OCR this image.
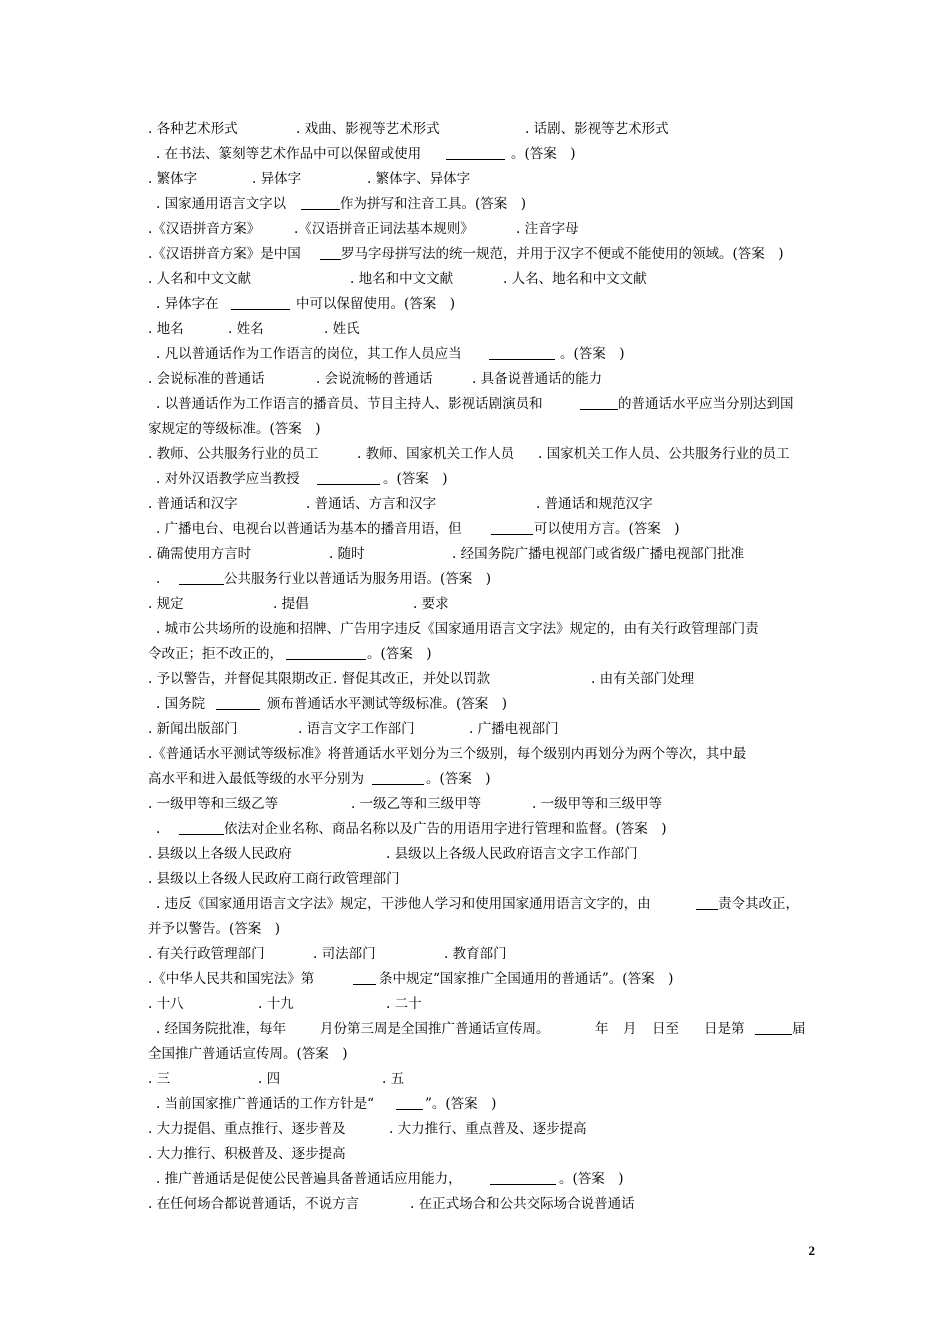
. 各种艺术形式	. 戏曲、影视等艺术形式	. 话剧、影视等艺术形式
. 在书法、篆刻等艺术作品中可以保留或使用	。(答案　)
. 繁体字	. 异体字	. 繁体字、异体字
. 国家通用语言文字以	作为拼写和注音工具。(答案　)
.《汉语拼音方案》 .《汉语拼音正词法基本规则》	. 注音字母
.《汉语拼音方案》是中国	罗马字母拼写法的统一规范，并用于汉字不便或不能使用的领域。(答案　)
. 人名和中文文献	. 地名和中文文献	. 人名、地名和中文文献
. 异体字在	中可以保留使用。(答案　)
. 地名	. 姓名	. 姓氏
. 凡以普通话作为工作语言的岗位，其工作人员应当	。(答案　)
. 会说标准的普通话	. 会说流畅的普通话	. 具备说普通话的能力
. 以普通话作为工作语言的播音员、节目主持人、影视话剧演员和	的普通话水平应当分别达到国
家规定的等级标准。(答案　)
. 教师、公共服务行业的员工	. 教师、国家机关工作人员 . 国家机关工作人员、公共服务行业的员工
. 对外汉语教学应当教授	。(答案　)
. 普通话和汉字	. 普通话、方言和汉字	. 普通话和规范汉字
. 广播电台、电视台以普通话为基本的播音用语，但	可以使用方言。(答案　)
. 确需使用方言时	. 随时	. 经国务院广播电视部门或省级广播电视部门批准
.	公共服务行业以普通话为服务用语。(答案　)
. 规定	. 提倡	. 要求
. 城市公共场所的设施和招牌、广告用字违反《国家通用语言文字法》规定的，由有关行政管理部门责
令改正；拒不改正的，	。(答案　)
. 予以警告，并督促其限期改正 . 督促其改正，并处以罚款	. 由有关部门处理
. 国务院	颁布普通话水平测试等级标准。(答案　)
. 新闻出版部门	. 语言文字工作部门	. 广播电视部门
.《普通话水平测试等级标准》将普通话水平划分为三个级别，每个级别内再划分为两个等次，其中最
高水平和进入最低等级的水平分别为	。(答案　)
. 一级甲等和三级乙等	. 一级乙等和三级甲等	. 一级甲等和三级甲等
.	依法对企业名称、商品名称以及广告的用语用字进行管理和监督。(答案　)
. 县级以上各级人民政府	. 县级以上各级人民政府语言文字工作部门
. 县级以上各级人民政府工商行政管理部门
. 违反《国家通用语言文字法》规定，干涉他人学习和使用国家通用语言文字的，由	责令其改正，
并予以警告。(答案　)
. 有关行政管理部门	. 司法部门	. 教育部门
.《中华人民共和国宪法》第	条中规定“国家推广全国通用的普通话”。(答案　)
. 十八	. 十九	. 二十
. 经国务院批准，每年	月份第三周是全国推广普通话宣传周。	年 月 日至 日是第	届
全国推广普通话宣传周。(答案　)
. 三	. 四	. 五
. 当前国家推广普通话的工作方针是“	”。(答案　)
. 大力提倡、重点推行、逐步普及	. 大力推行、重点普及、逐步提高
. 大力推行、积极普及、逐步提高
. 推广普通话是促使公民普遍具备普通话应用能力，	。(答案　)
. 在任何场合都说普通话，不说方言	. 在正式场合和公共交际场合说普通话
2
